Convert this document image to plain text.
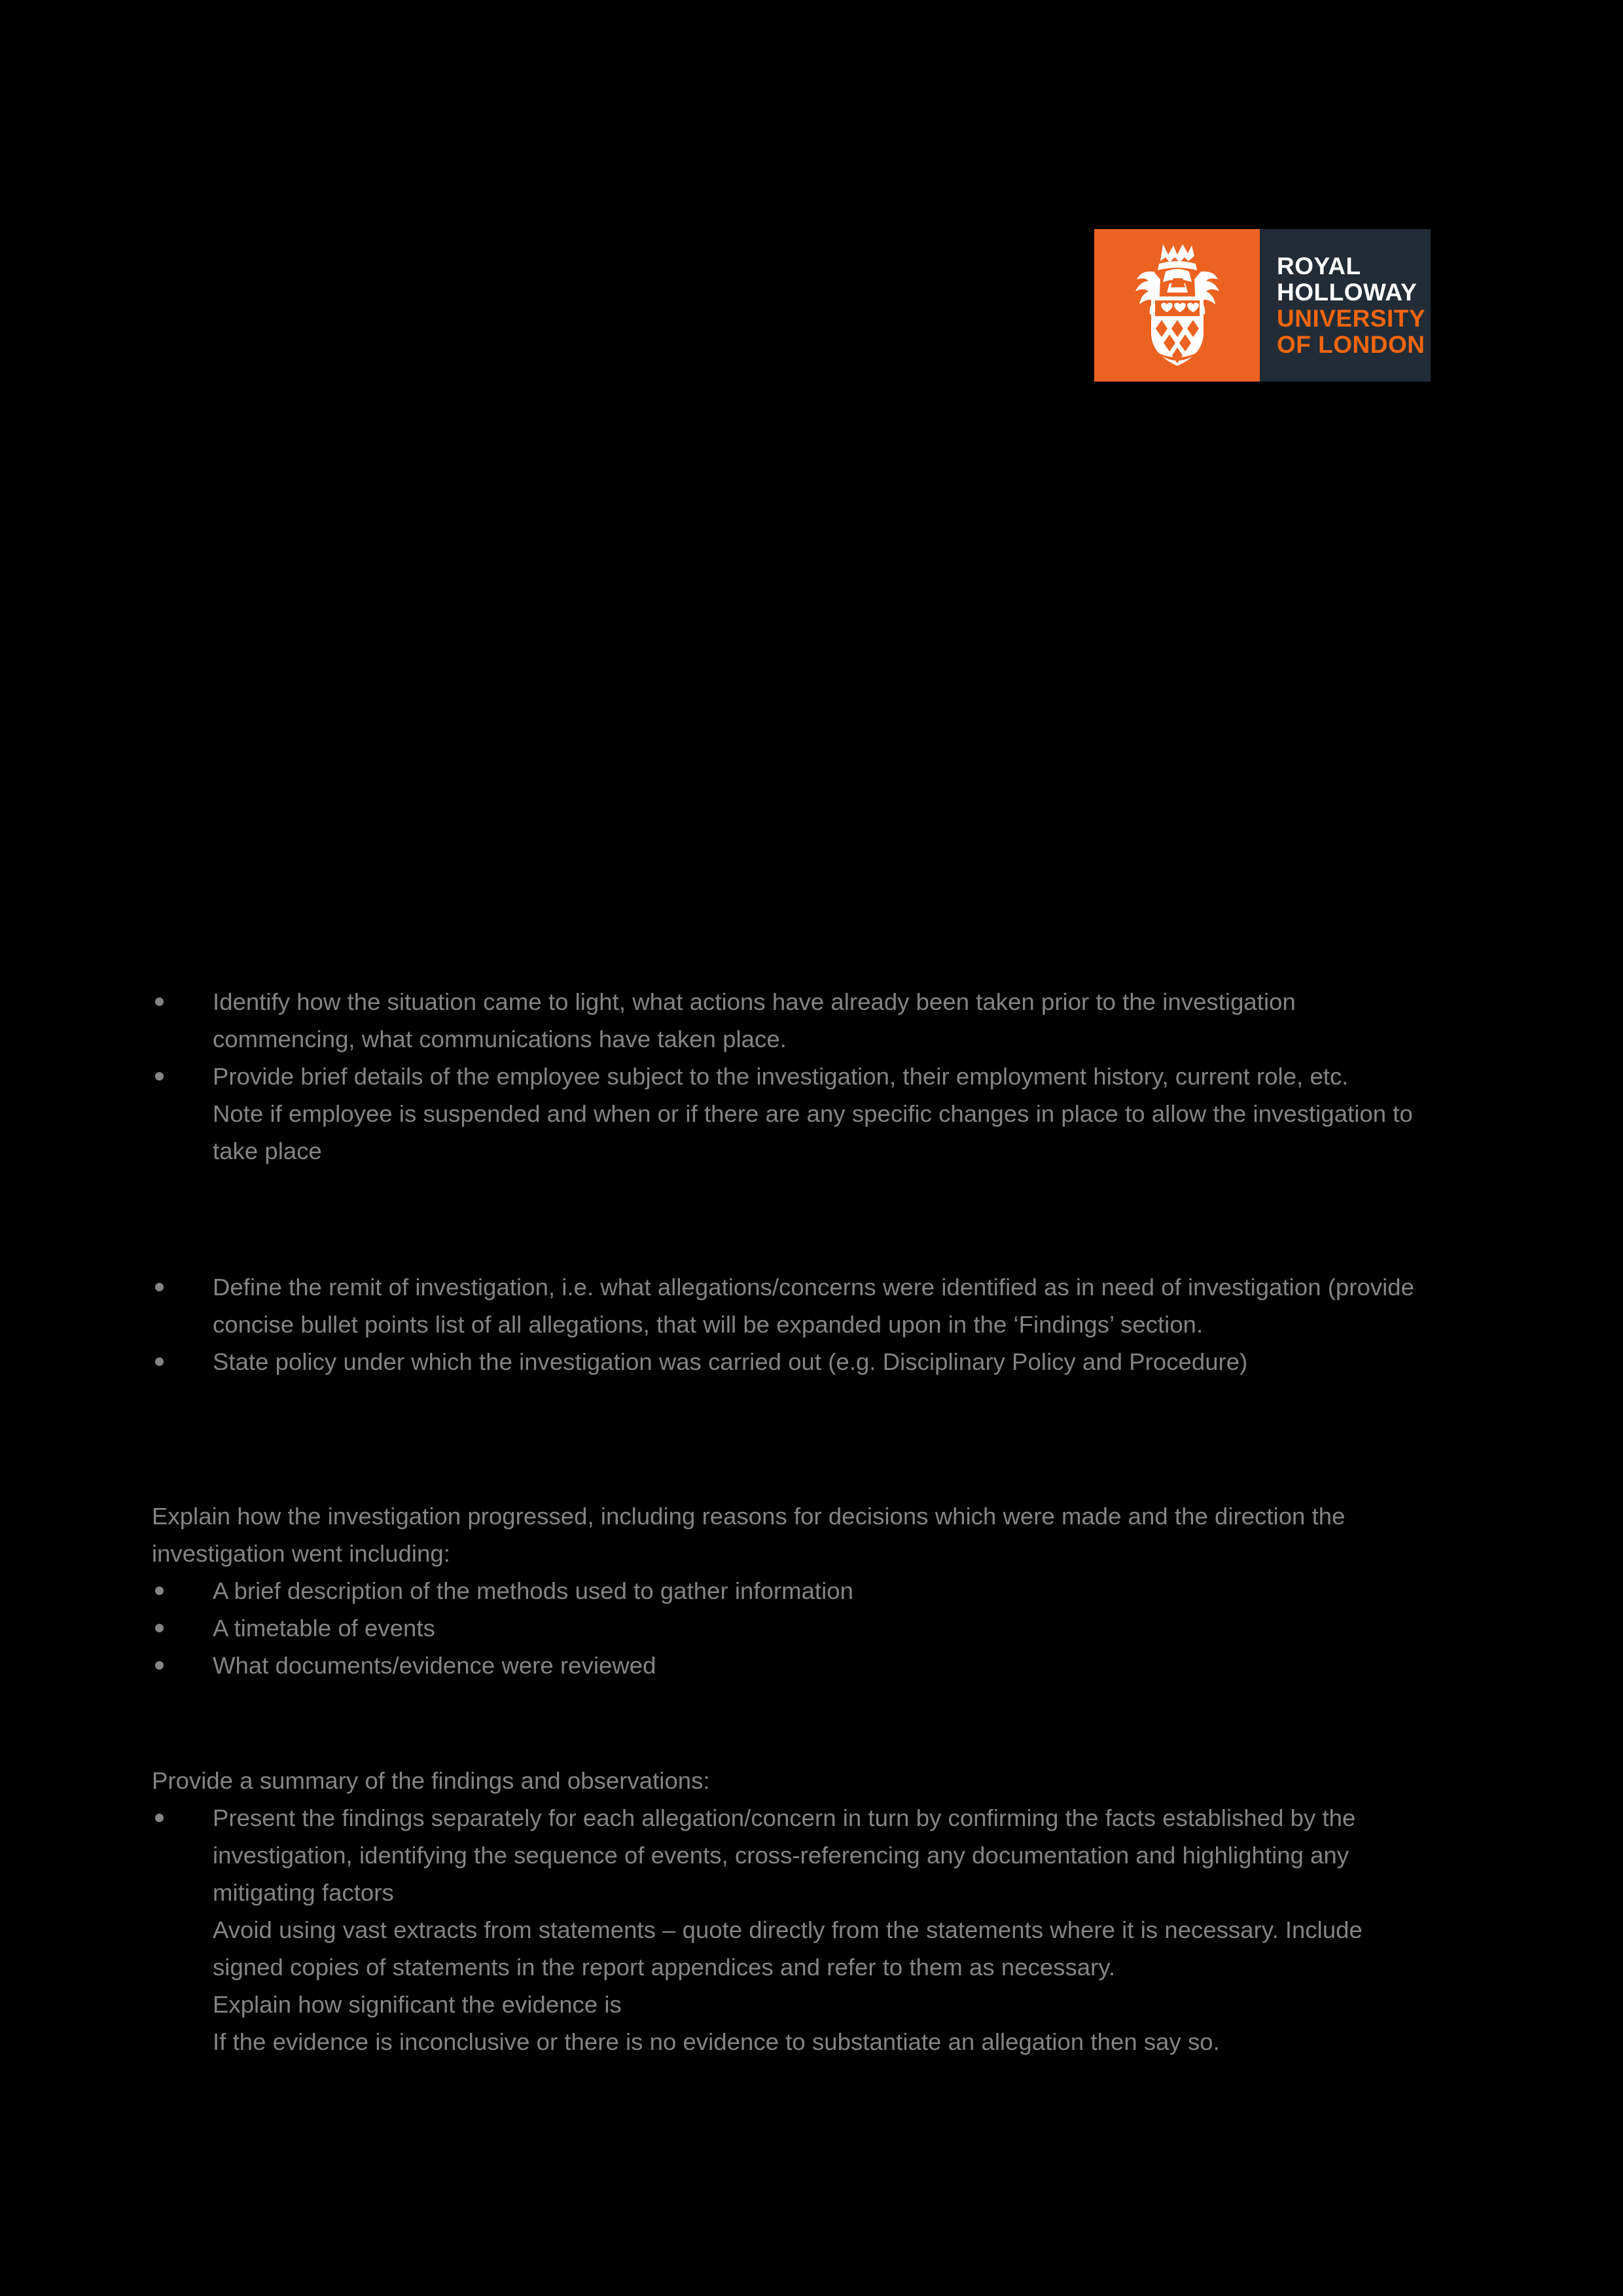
ROYAL
HOLLOWAY
UNIVERSITY
OF LONDON
Identify how the situation came to light, what actions have already been taken prior to the investigation commencing, what communications have taken place.
Provide brief details of the employee subject to the investigation, their employment history, current role, etc.
Note if employee is suspended and when or if there are any specific changes in place to allow the investigation to take place
Define the remit of investigation, i.e. what allegations/concerns were identified as in need of investigation (provide concise bullet points list of all allegations, that will be expanded upon in the ‘Findings’ section.
State policy under which the investigation was carried out (e.g. Disciplinary Policy and Procedure)
Explain how the investigation progressed, including reasons for decisions which were made and the direction the investigation went including:
A brief description of the methods used to gather information
A timetable of events
What documents/evidence were reviewed
Provide a summary of the findings and observations:
Present the findings separately for each allegation/concern in turn by confirming the facts established by the investigation, identifying the sequence of events, cross-referencing any documentation and highlighting any mitigating factors
Avoid using vast extracts from statements – quote directly from the statements where it is necessary. Include signed copies of statements in the report appendices and refer to them as necessary.
Explain how significant the evidence is
If the evidence is inconclusive or there is no evidence to substantiate an allegation then say so.
